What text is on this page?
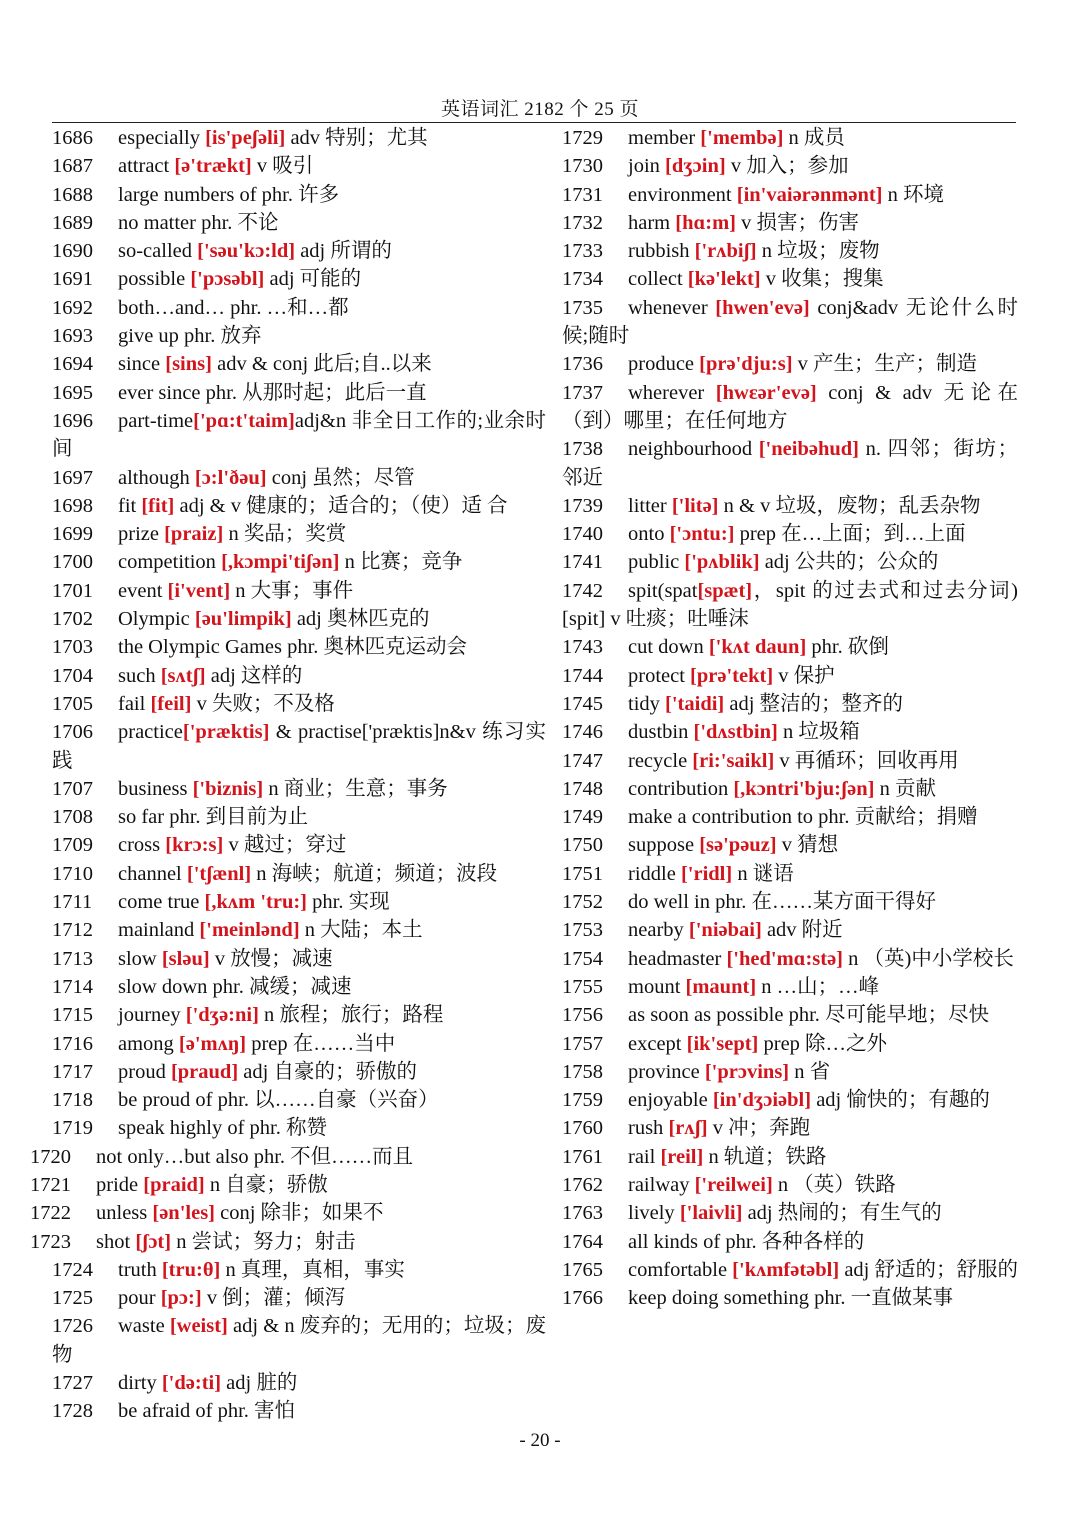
英语词汇 2182 个 25 页
1686 especially [is'peʃəli] adv 特别；尤其
1687 attract [ə'trækt] v 吸引
1688 large numbers of phr. 许多
1689 no matter phr. 不论
1690 so-called ['səu'kɔ:ld] adj 所谓的
1691 possible ['pɔsəbl] adj 可能的
1692 both…and… phr. …和…都
1693 give up phr. 放弃
1694 since [sins] adv & conj 此后;自..以来
1695 ever since phr. 从那时起；此后一直
1696 part-time['pɑ:t'taim]adj&n 非全日工作的;业余时间
1697 although [ɔ:l'ðəu] conj 虽然；尽管
1698 fit [fit] adj & v 健康的；适合的；（使）适 合
1699 prize [praiz] n 奖品；奖赏
1700 competition [,kɔmpi'tiʃən] n 比赛；竞争
1701 event [i'vent] n 大事；事件
1702 Olympic [əu'limpik] adj 奥林匹克的
1703 the Olympic Games phr. 奥林匹克运动会
1704 such [sʌtʃ] adj 这样的
1705 fail [feil] v 失败；不及格
1706 practice['præktis] & practise['præktis]n&v 练习实践
1707 business ['biznis] n 商业；生意；事务
1708 so far phr. 到目前为止
1709 cross [krɔ:s] v 越过；穿过
1710 channel ['tʃænl] n 海峡；航道；频道；波段
1711 come true [,kʌm 'tru:] phr. 实现
1712 mainland ['meinlənd] n 大陆；本土
1713 slow [sləu] v 放慢；减速
1714 slow down phr. 减缓；减速
1715 journey ['dʒə:ni] n 旅程；旅行；路程
1716 among [ə'mʌŋ] prep 在……当中
1717 proud [praud] adj 自豪的；骄傲的
1718 be proud of phr. 以……自豪（兴奋）
1719 speak highly of phr. 称赞
1720 not only…but also phr. 不但……而且
1721 pride [praid] n 自豪；骄傲
1722 unless [ən'les] conj 除非；如果不
1723 shot [ʃɔt] n 尝试；努力；射击
1724 truth [tru:θ] n 真理，真相，事实
1725 pour [pɔ:] v 倒；灌；倾泻
1726 waste [weist] adj & n 废弃的；无用的；垃圾；废物
1727 dirty ['də:ti] adj 脏的
1728 be afraid of phr. 害怕
1729 member ['membə] n 成员
1730 join [dʒɔin] v 加入；参加
1731 environment [in'vaiərənmənt] n 环境
1732 harm [hɑ:m] v 损害；伤害
1733 rubbish ['rʌbiʃ] n 垃圾；废物
1734 collect [kə'lekt] v 收集；搜集
1735 whenever [hwen'evə] conj&adv 无论什么时候;随时
1736 produce [prə'dju:s] v 产生；生产；制造
1737 wherever [hwɛər'evə] conj & adv 无论在（到）哪里；在任何地方
1738 neighbourhood ['neibəhud] n. 四邻；街坊；邻近
1739 litter ['litə] n & v 垃圾，废物；乱丢杂物
1740 onto ['ɔntu:] prep 在…上面；到…上面
1741 public ['pʌblik] adj 公共的；公众的
1742 spit(spat[spæt]，spit 的过去式和过去分词)[spit] v 吐痰；吐唾沫
1743 cut down ['kʌt daun] phr. 砍倒
1744 protect [prə'tekt] v 保护
1745 tidy ['taidi] adj 整洁的；整齐的
1746 dustbin ['dʌstbin] n 垃圾箱
1747 recycle [ri:'saikl] v 再循环；回收再用
1748 contribution [,kɔntri'bju:ʃən] n 贡献
1749 make a contribution to phr. 贡献给；捐赠
1750 suppose [sə'pəuz] v 猜想
1751 riddle ['ridl] n 谜语
1752 do well in phr. 在……某方面干得好
1753 nearby ['niəbai] adv 附近
1754 headmaster ['hed'mɑ:stə] n （英)中小学校长
1755 mount [maunt] n …山；…峰
1756 as soon as possible phr. 尽可能早地；尽快
1757 except [ik'sept] prep 除…之外
1758 province ['prɔvins] n 省
1759 enjoyable [in'dʒɔiəbl] adj 愉快的；有趣的
1760 rush [rʌʃ] v 冲；奔跑
1761 rail [reil] n 轨道；铁路
1762 railway ['reilwei] n （英）铁路
1763 lively ['laivli] adj 热闹的；有生气的
1764 all kinds of phr. 各种各样的
1765 comfortable ['kʌmfətəbl] adj 舒适的；舒服的
1766 keep doing something phr. 一直做某事
- 20 -
